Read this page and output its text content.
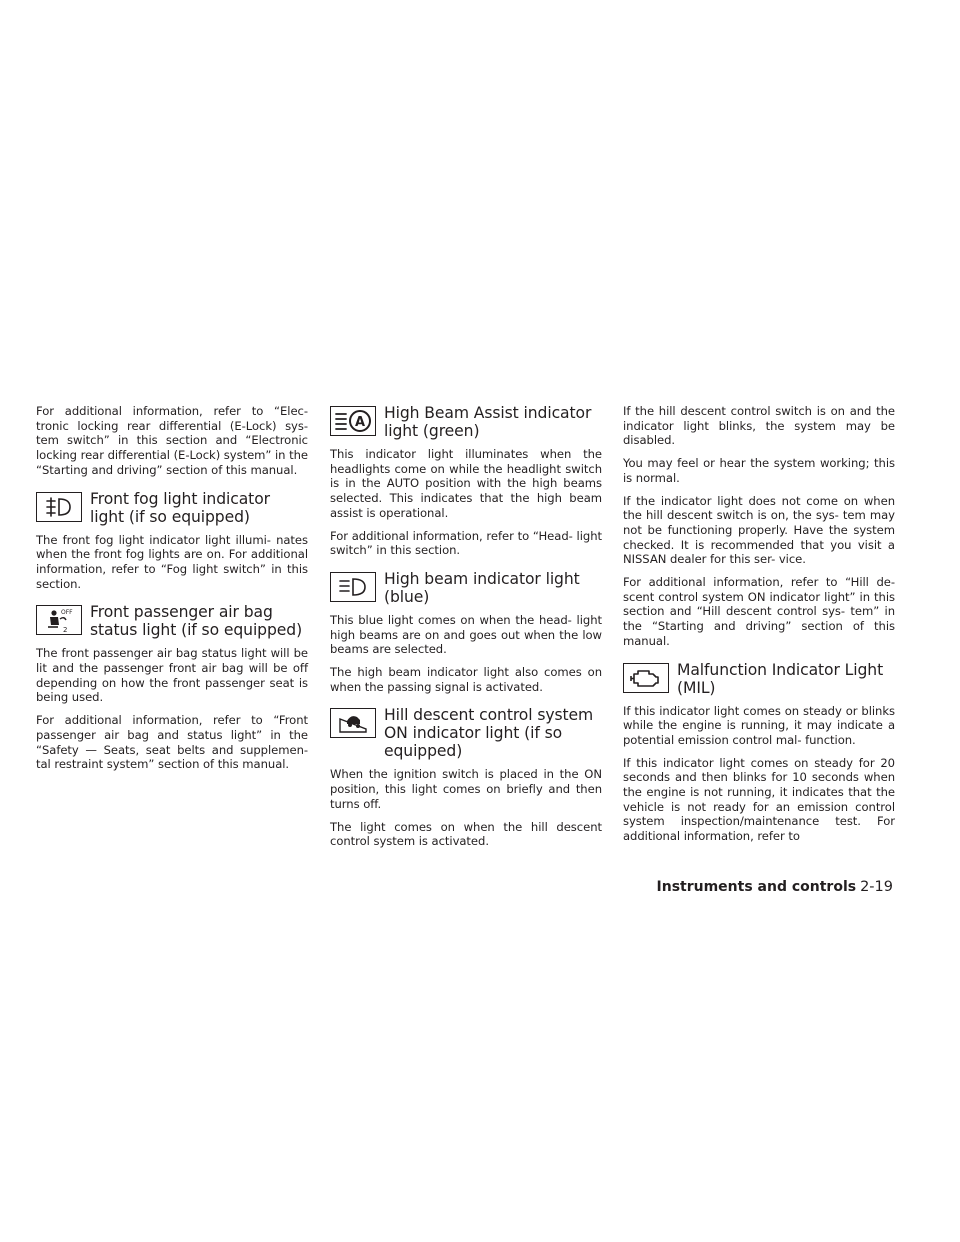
For additional information, refer to “Elec- tronic locking rear differential (E-Lock) sys- tem switch” in this section and “Electronic locking rear differential (E-Lock) system” in the “Starting and driving” section of this manual.

Front fog light indicator light (if so equipped)

The front fog light indicator light illumi- nates when the front fog lights are on. For additional information, refer to “Fog light switch” in this section.

OFF
2
Front passenger air bag status light (if so equipped)

The front passenger air bag status light will be lit and the passenger front air bag will be off depending on how the front passenger seat is being used.

For additional information, refer to “Front passenger air bag and status light” in the “Safety — Seats, seat belts and supplemen- tal restraint system” section of this manual.

A
High Beam Assist indicator light (green)

This indicator light illuminates when the headlights come on while the headlight switch is in the AUTO position with the high beams selected. This indicates that the high beam assist is operational.

For additional information, refer to “Head- light switch” in this section.

High beam indicator light (blue)

This blue light comes on when the head- light high beams are on and goes out when the low beams are selected.

The high beam indicator light also comes on when the passing signal is activated.

Hill descent control system ON indicator light (if so equipped)

When the ignition switch is placed in the ON position, this light comes on briefly and then turns off.

The light comes on when the hill descent control system is activated.

If the hill descent control switch is on and the indicator light blinks, the system may be disabled.

You may feel or hear the system working; this is normal.

If the indicator light does not come on when the hill descent switch is on, the sys- tem may not be functioning properly. Have the system checked. It is recommended that you visit a NISSAN dealer for this ser- vice.

For additional information, refer to “Hill de- scent control system ON indicator light” in this section and “Hill descent control sys- tem” in the “Starting and driving” section of this manual.

Malfunction Indicator Light (MIL)

If this indicator light comes on steady or blinks while the engine is running, it may indicate a potential emission control mal- function.

If this indicator light comes on steady for 20 seconds and then blinks for 10 seconds when the engine is not running, it indicates that the vehicle is not ready for an emission control system inspection/maintenance test. For additional information, refer to

Instruments and controls 2-19
